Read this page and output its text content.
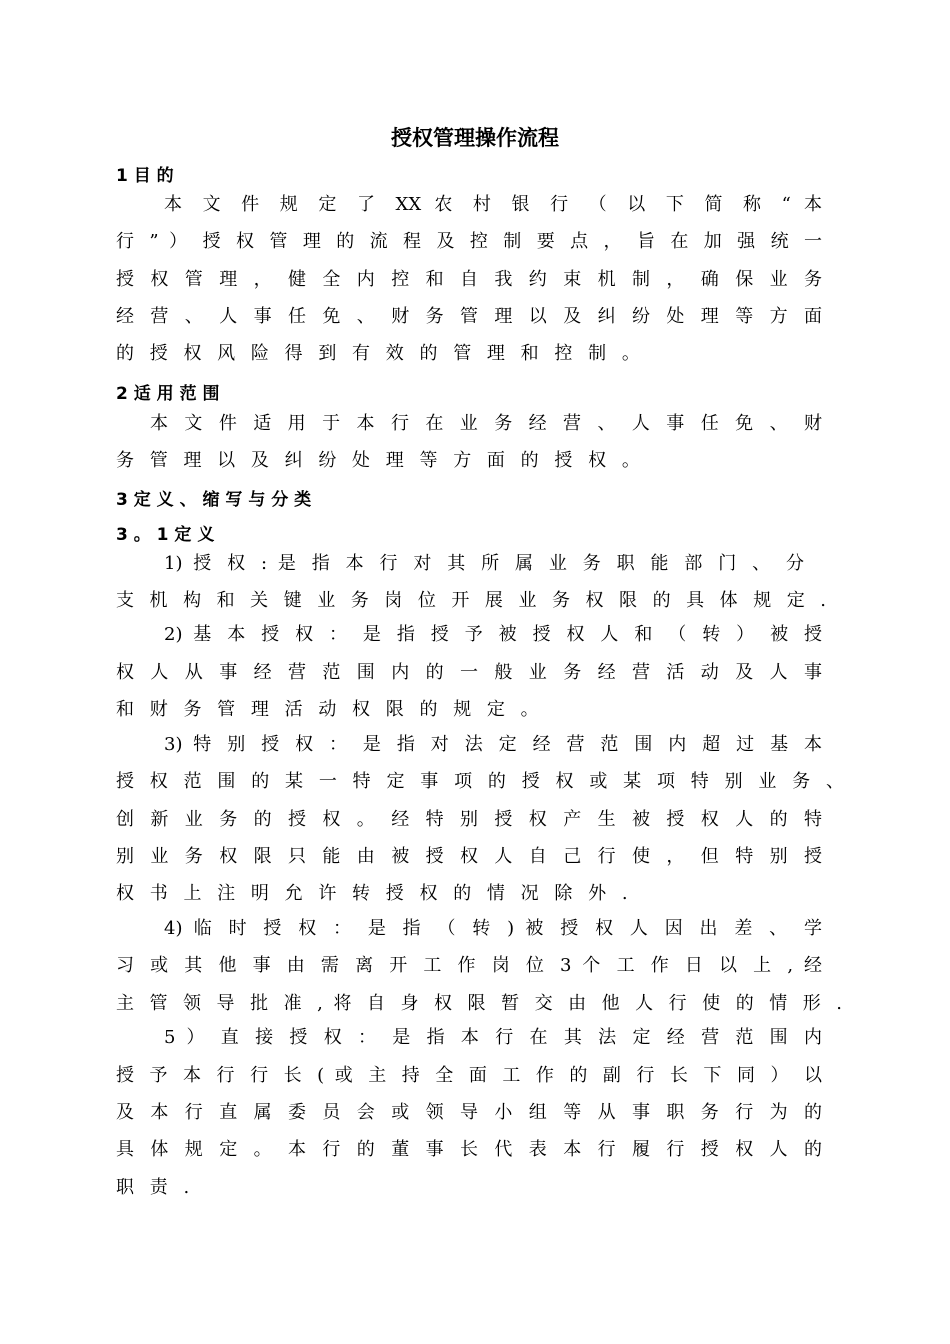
授权管理操作流程

1 目 的

本 文 件 规 定 了 XX 农 村 银 行 （ 以 下 简 称 “ 本

行 ” ） 授 权 管 理 的 流 程 及 控 制 要 点 ， 旨 在 加 强 统 一

授 权 管 理 ， 健 全 内 控 和 自 我 约 束 机 制 ， 确 保 业 务

经 营 、 人 事 任 免 、 财 务 管 理 以 及 纠 纷 处 理 等 方 面

的 授 权 风 险 得 到 有 效 的 管 理 和 控 制 。

2 适 用 范 围

本 文 件 适 用 于 本 行 在 业 务 经 营 、 人 事 任 免 、 财

务 管 理 以 及 纠 纷 处 理 等 方 面 的 授 权 。

3 定 义 、 缩 写 与 分 类

3 。 1 定 义

1) 授 权 : 是 指 本 行 对 其 所 属 业 务 职 能 部 门 、 分

支 机 构 和 关 键 业 务 岗 位 开 展 业 务 权 限 的 具 体 规 定 .

2) 基 本 授 权 ： 是 指 授 予 被 授 权 人 和 （ 转 ） 被 授

权 人 从 事 经 营 范 围 内 的 一 般 业 务 经 营 活 动 及 人 事

和 财 务 管 理 活 动 权 限 的 规 定 。

3) 特 别 授 权 ： 是 指 对 法 定 经 营 范 围 内 超 过 基 本

授 权 范 围 的 某 一 特 定 事 项 的 授 权 或 某 项 特 别 业 务 、

创 新 业 务 的 授 权 。 经 特 别 授 权 产 生 被 授 权 人 的 特

别 业 务 权 限 只 能 由 被 授 权 人 自 己 行 使 ， 但 特 别 授

权 书 上 注 明 允 许 转 授 权 的 情 况 除 外 .

4) 临 时 授 权 ： 是 指 （ 转 ) 被 授 权 人 因 出 差 、 学

习 或 其 他 事 由 需 离 开 工 作 岗 位 3 个 工 作 日 以 上 , 经

主 管 领 导 批 准 , 将 自 身 权 限 暂 交 由 他 人 行 使 的 情 形 .

5 ） 直 接 授 权 ： 是 指 本 行 在 其 法 定 经 营 范 围 内

授 予 本 行 行 长 ( 或 主 持 全 面 工 作 的 副 行 长 下 同 ） 以

及 本 行 直 属 委 员 会 或 领 导 小 组 等 从 事 职 务 行 为 的

具 体 规 定 。 本 行 的 董 事 长 代 表 本 行 履 行 授 权 人 的

职 责 .
